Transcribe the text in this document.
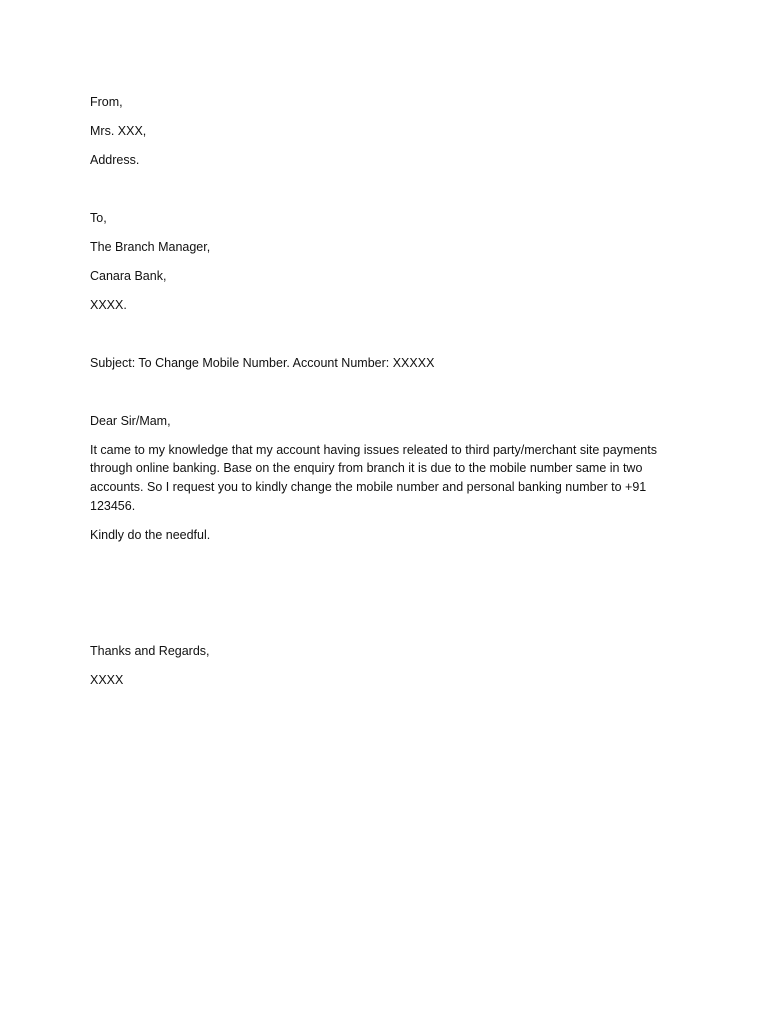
From,

Mrs. XXX,

Address.

To,

The Branch Manager,

Canara Bank,

XXXX.

Subject: To Change Mobile Number. Account Number: XXXXX

Dear Sir/Mam,

It came to my knowledge that my account having issues releated to third party/merchant site payments

through online banking. Base on the enquiry from branch it is due to the mobile number same in two

accounts. So I request you to kindly change the mobile number and personal banking number to +91

123456.

Kindly do the needful.

Thanks and Regards,

XXXX
